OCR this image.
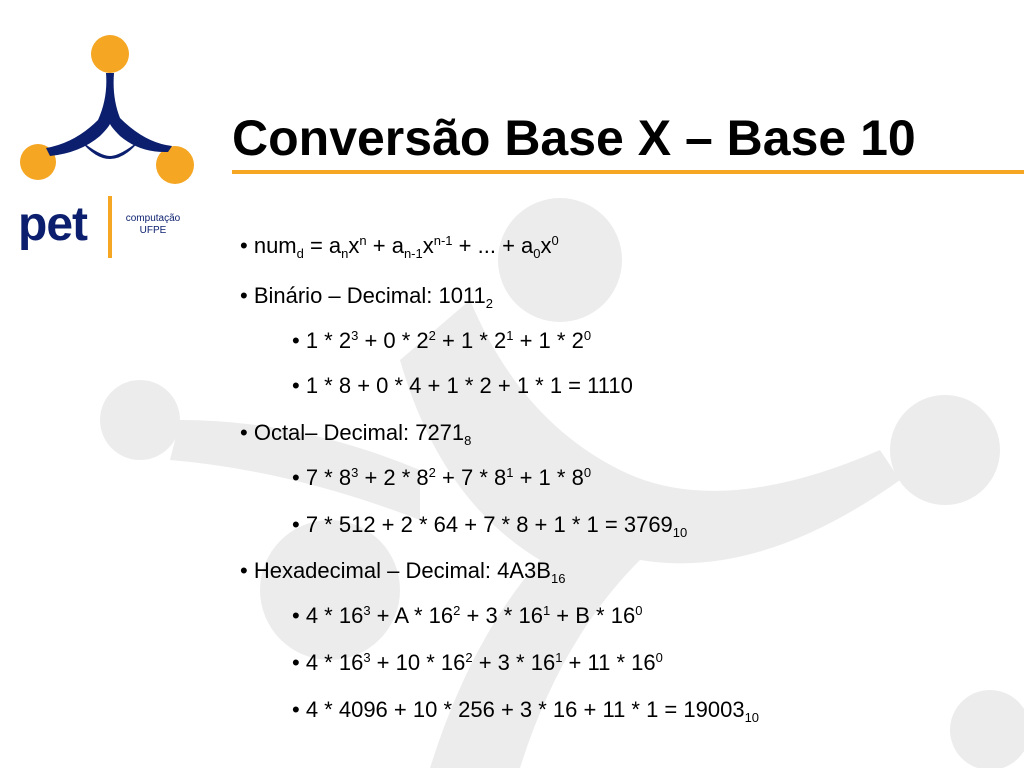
pet	computação
UFPE
Conversão Base X – Base 10
• $num_d = a_nx^n + a_{n-1}x^{n-1}$ + ... + $a_0x^0$
• Binário – Decimal: $1011_2$
• $1 * 2^3 + 0 * 2^2 + 1 * 2^1 + 1 * 2^0$
• 1 * 8 + 0 * 4 + 1 * 2 + 1 * 1 = 1110
• Octal– Decimal: $7271_8$
• $7 * 8^3 + 2 * 8^2 + 7 * 8^1 + 1 * 8^0$
• $7 * 512 + 2 * 64 + 7 * 8 + 1 * 1 = 3769_{10}$
• Hexadecimal – Decimal: $4A3B_{16}$
• $4 * 16^3 + A * 16^2 + 3 * 16^1 + B * 16^0$
• $4 * 16^3 + 10 * 16^2 + 3 * 16^1 + 11 * 16^0$
• $4 * 4096 + 10 * 256 + 3 * 16 + 11 * 1 = 19003_{10}$
